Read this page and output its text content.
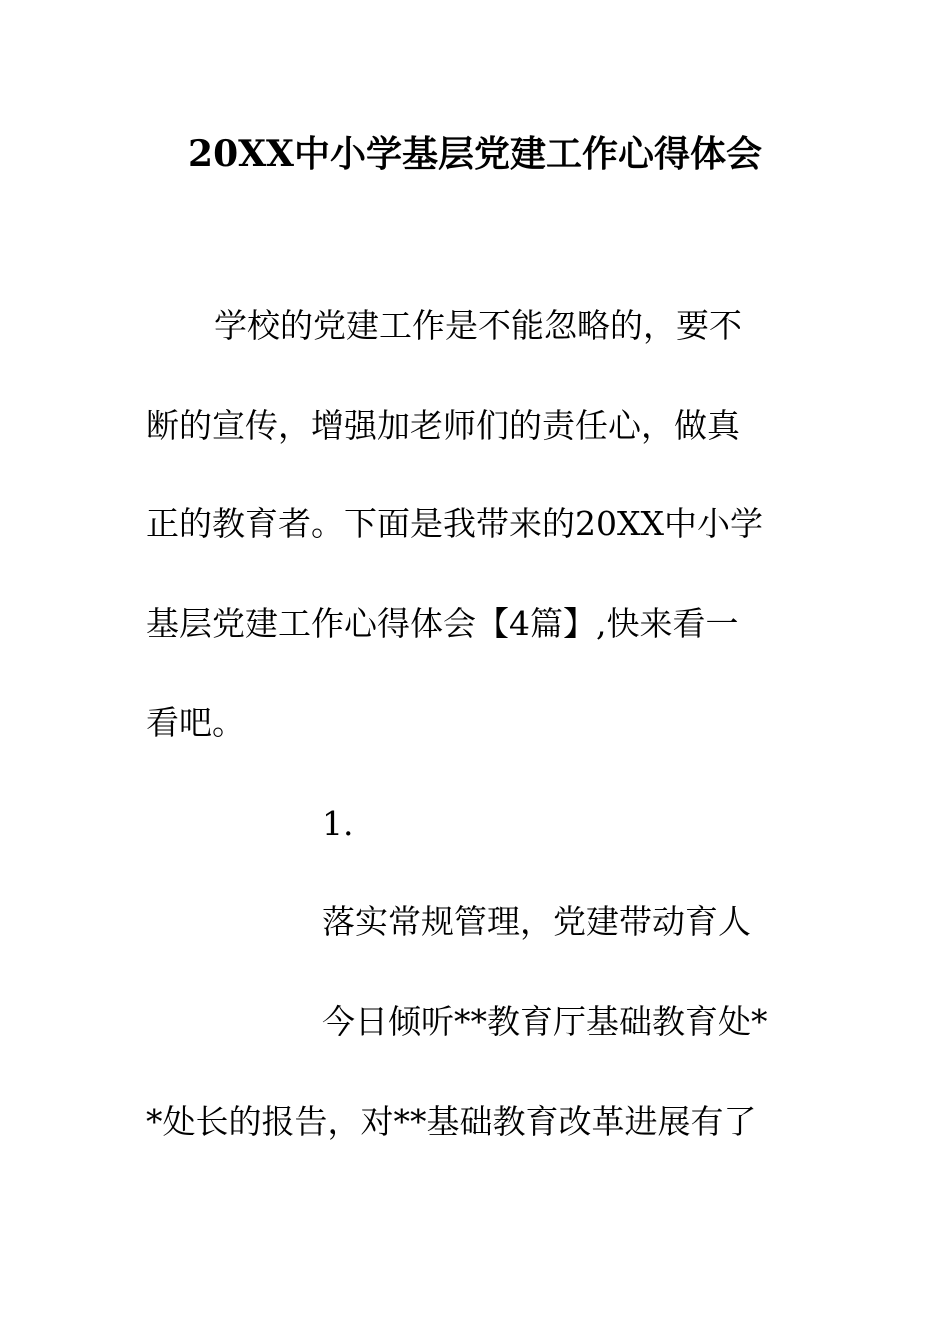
20XX中小学基层党建工作心得体会
学校的党建工作是不能忽略的，要不
断的宣传，增强加老师们的责任心，做真
正的教育者。下面是我带来的20XX中小学
基层党建工作心得体会【4篇】,快来看一
看吧。
1.
落实常规管理，党建带动育人
今日倾听**教育厅基础教育处*
*处长的报告，对**基础教育改革进展有了
